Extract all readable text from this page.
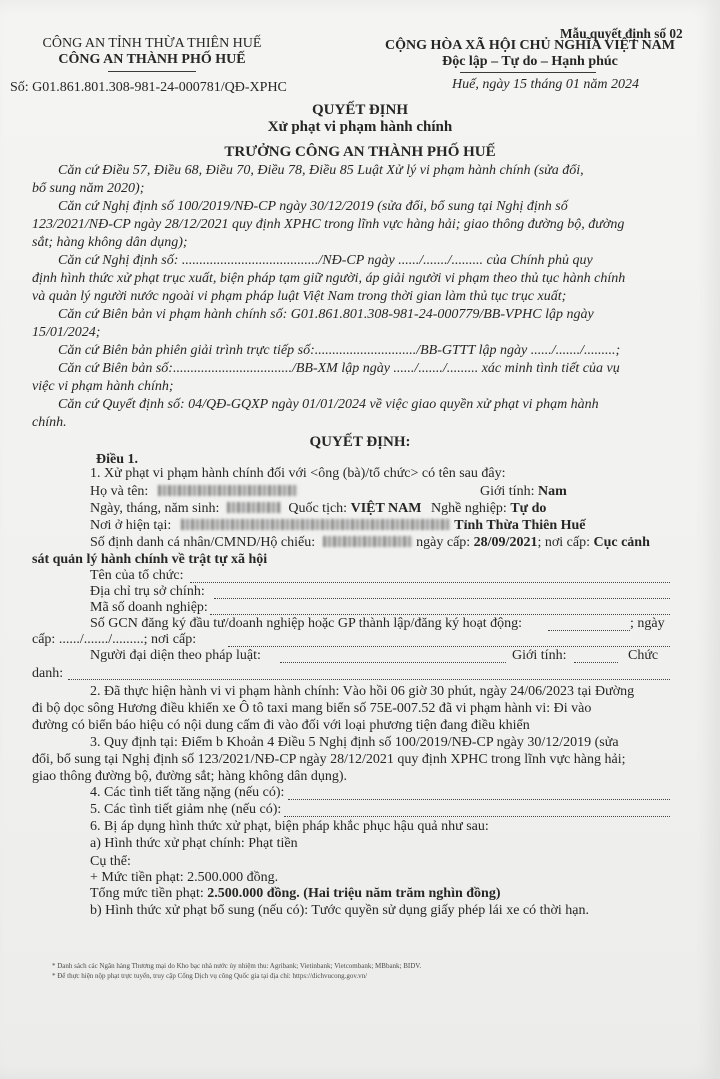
Mẫu quyết định số 02
CÔNG AN TỈNH THỪA THIÊN HUẾ
CÔNG AN THÀNH PHỐ HUẾ
CỘNG HÒA XÃ HỘI CHỦ NGHĨA VIỆT NAM
Độc lập – Tự do – Hạnh phúc
Số: G01.861.801.308-981-24-000781/QĐ-XPHC	Huế, ngày 15 tháng 01 năm 2024
QUYẾT ĐỊNH
Xử phạt vi phạm hành chính
TRƯỞNG CÔNG AN THÀNH PHỐ HUẾ
Căn cứ Điều 57, Điều 68, Điều 70, Điều 78, Điều 85 Luật Xử lý vi phạm hành chính (sửa đổi,
bổ sung năm 2020);
Căn cứ Nghị định số 100/2019/NĐ-CP ngày 30/12/2019 (sửa đổi, bổ sung tại Nghị định số
123/2021/NĐ-CP ngày 28/12/2021 quy định XPHC trong lĩnh vực hàng hải; giao thông đường bộ, đường
sắt; hàng không dân dụng);
Căn cứ Nghị định số: ......................................./NĐ-CP ngày ....../......./......... của Chính phủ quy
định hình thức xử phạt trục xuất, biện pháp tạm giữ người, áp giải người vi phạm theo thủ tục hành chính
và quản lý người nước ngoài vi phạm pháp luật Việt Nam trong thời gian làm thủ tục trục xuất;
Căn cứ Biên bản vi phạm hành chính số: G01.861.801.308-981-24-000779/BB-VPHC lập ngày
15/01/2024;
Căn cứ Biên bản phiên giải trình trực tiếp số:............................./BB-GTTT lập ngày ....../......./.........;
Căn cứ Biên bản số:................................../BB-XM lập ngày ....../......./......... xác minh tình tiết của vụ
việc vi phạm hành chính;
Căn cứ Quyết định số: 04/QĐ-GQXP ngày 01/01/2024 về việc giao quyền xử phạt vi phạm hành
chính.
QUYẾT ĐỊNH:
Điều 1.
1. Xử phạt vi phạm hành chính đối với <ông (bà)/tổ chức> có tên sau đây:
Họ và tên:	Giới tính: Nam
Ngày, tháng, năm sinh:	Quốc tịch: VIỆT NAM Nghề nghiệp: Tự do
Nơi ở hiện tại:	Tỉnh Thừa Thiên Huế
Số định danh cá nhân/CMND/Hộ chiếu:	ngày cấp: 28/09/2021; nơi cấp: Cục cảnh
sát quản lý hành chính về trật tự xã hội
Tên của tổ chức:
Địa chỉ trụ sở chính:
Mã số doanh nghiệp:
Số GCN đăng ký đầu tư/doanh nghiệp hoặc GP thành lập/đăng ký hoạt động:	; ngày
cấp: ....../......./.........; nơi cấp:
Người đại diện theo pháp luật:	Giới tính:	Chức
danh:
2. Đã thực hiện hành vi vi phạm hành chính: Vào hồi 06 giờ 30 phút, ngày 24/06/2023 tại Đường
đi bộ dọc sông Hương điều khiển xe Ô tô taxi mang biển số 75E-007.52 đã vi phạm hành vi: Đi vào
đường có biển báo hiệu có nội dung cấm đi vào đối với loại phương tiện đang điều khiển
3. Quy định tại: Điểm b Khoản 4 Điều 5 Nghị định số 100/2019/NĐ-CP ngày 30/12/2019 (sửa
đổi, bổ sung tại Nghị định số 123/2021/NĐ-CP ngày 28/12/2021 quy định XPHC trong lĩnh vực hàng hải;
giao thông đường bộ, đường sắt; hàng không dân dụng).
4. Các tình tiết tăng nặng (nếu có):
5. Các tình tiết giảm nhẹ (nếu có):
6. Bị áp dụng hình thức xử phạt, biện pháp khắc phục hậu quả như sau:
a) Hình thức xử phạt chính: Phạt tiền
Cụ thể:
+ Mức tiền phạt: 2.500.000 đồng.
Tổng mức tiền phạt: 2.500.000 đồng. (Hai triệu năm trăm nghìn đồng)
b) Hình thức xử phạt bổ sung (nếu có): Tước quyền sử dụng giấy phép lái xe có thời hạn.
* Danh sách các Ngân hàng Thương mại do Kho bạc nhà nước ủy nhiệm thu: Agribank; Vietinbank; Vietcombank; MBbank; BIDV.
* Để thực hiện nộp phạt trực tuyến, truy cập Cổng Dịch vụ công Quốc gia tại địa chỉ: https://dichvucong.gov.vn/
